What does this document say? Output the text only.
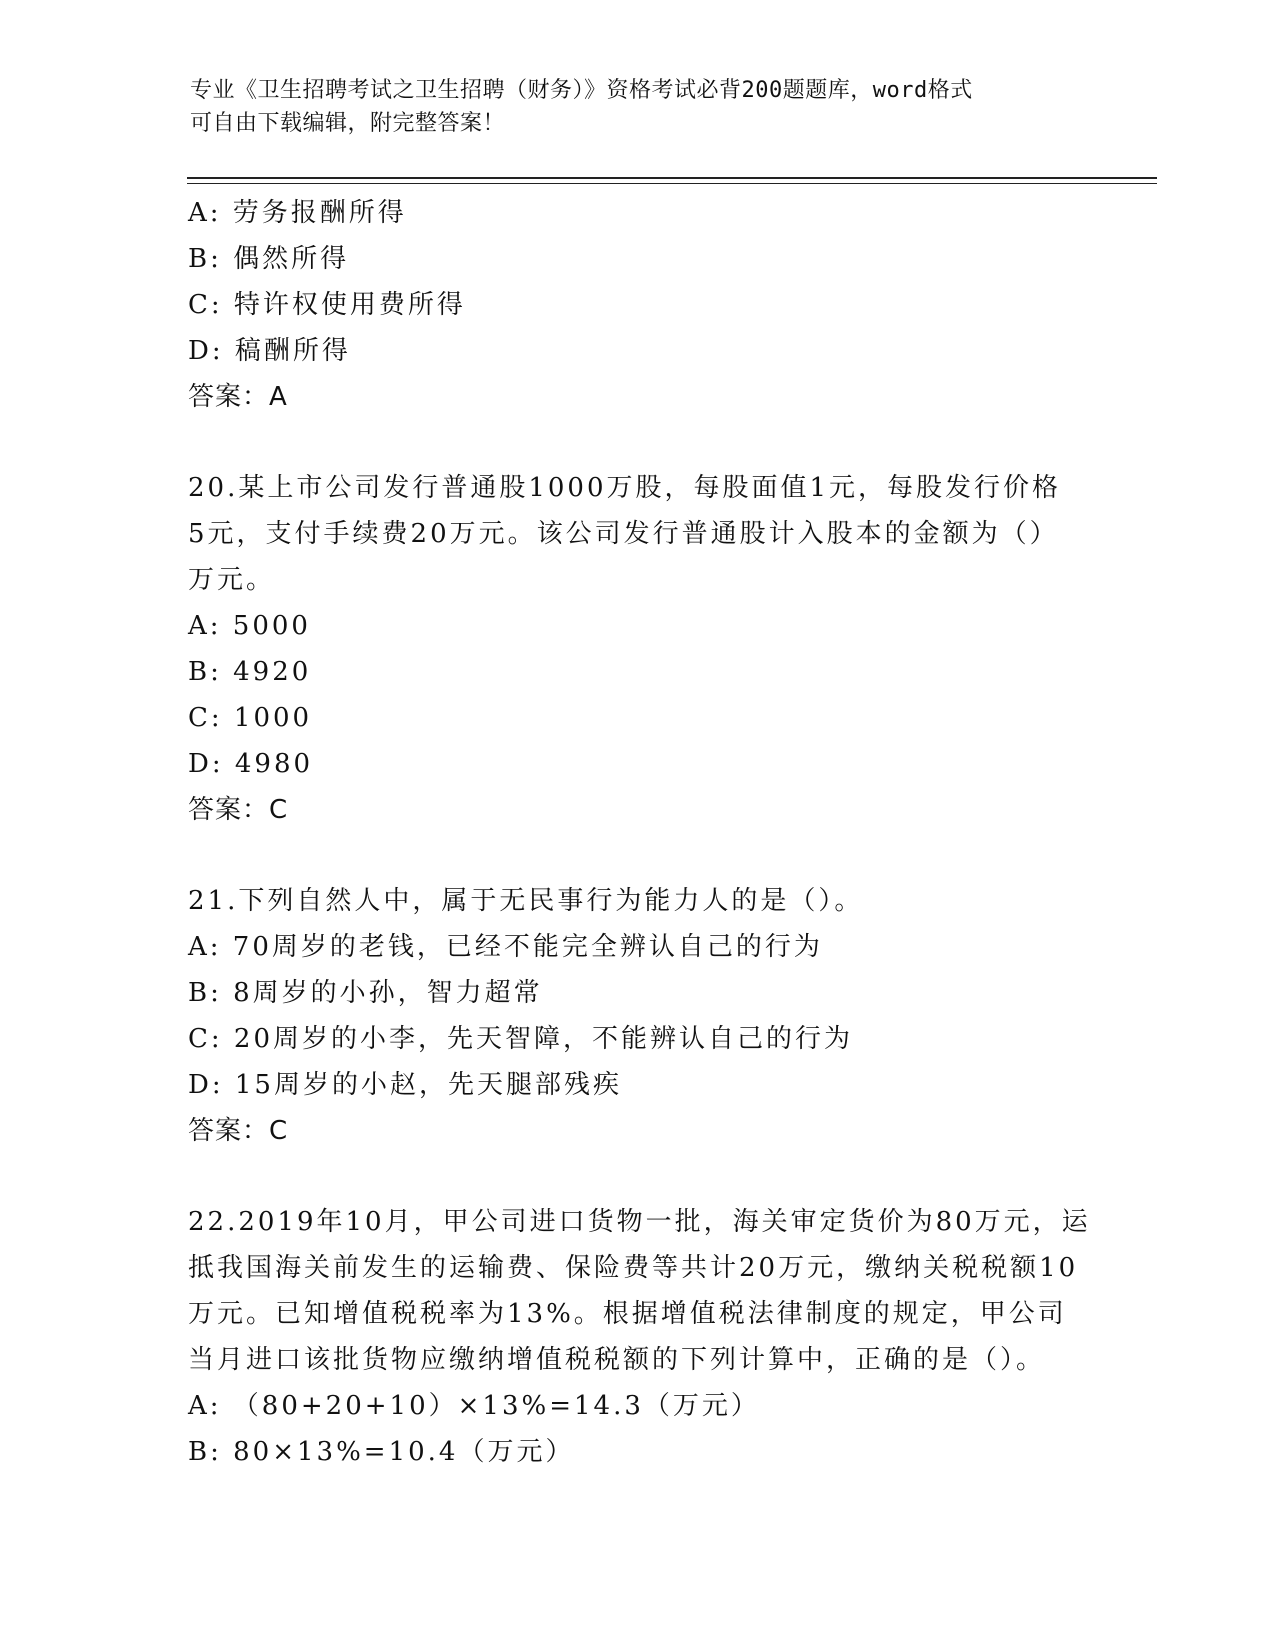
专业《卫生招聘考试之卫生招聘（财务）》资格考试必背200题题库，word格式
可自由下载编辑，附完整答案！
A: 劳务报酬所得
B: 偶然所得
C: 特许权使用费所得
D: 稿酬所得
答案：A
20.某上市公司发行普通股1000万股，每股面值1元，每股发行价格
5元，支付手续费20万元。该公司发行普通股计入股本的金额为（）
万元。
A: 5000
B: 4920
C: 1000
D: 4980
答案：C
21.下列自然人中，属于无民事行为能力人的是（）。
A: 70周岁的老钱，已经不能完全辨认自己的行为
B: 8周岁的小孙，智力超常
C: 20周岁的小李，先天智障，不能辨认自己的行为
D: 15周岁的小赵，先天腿部残疾
答案：C
22.2019年10月，甲公司进口货物一批，海关审定货价为80万元，运
抵我国海关前发生的运输费、保险费等共计20万元，缴纳关税税额10
万元。已知增值税税率为13%。根据增值税法律制度的规定，甲公司
当月进口该批货物应缴纳增值税税额的下列计算中，正确的是（）。
A: （80+20+10）×13%=14.3（万元）
B: 80×13%=10.4（万元）
